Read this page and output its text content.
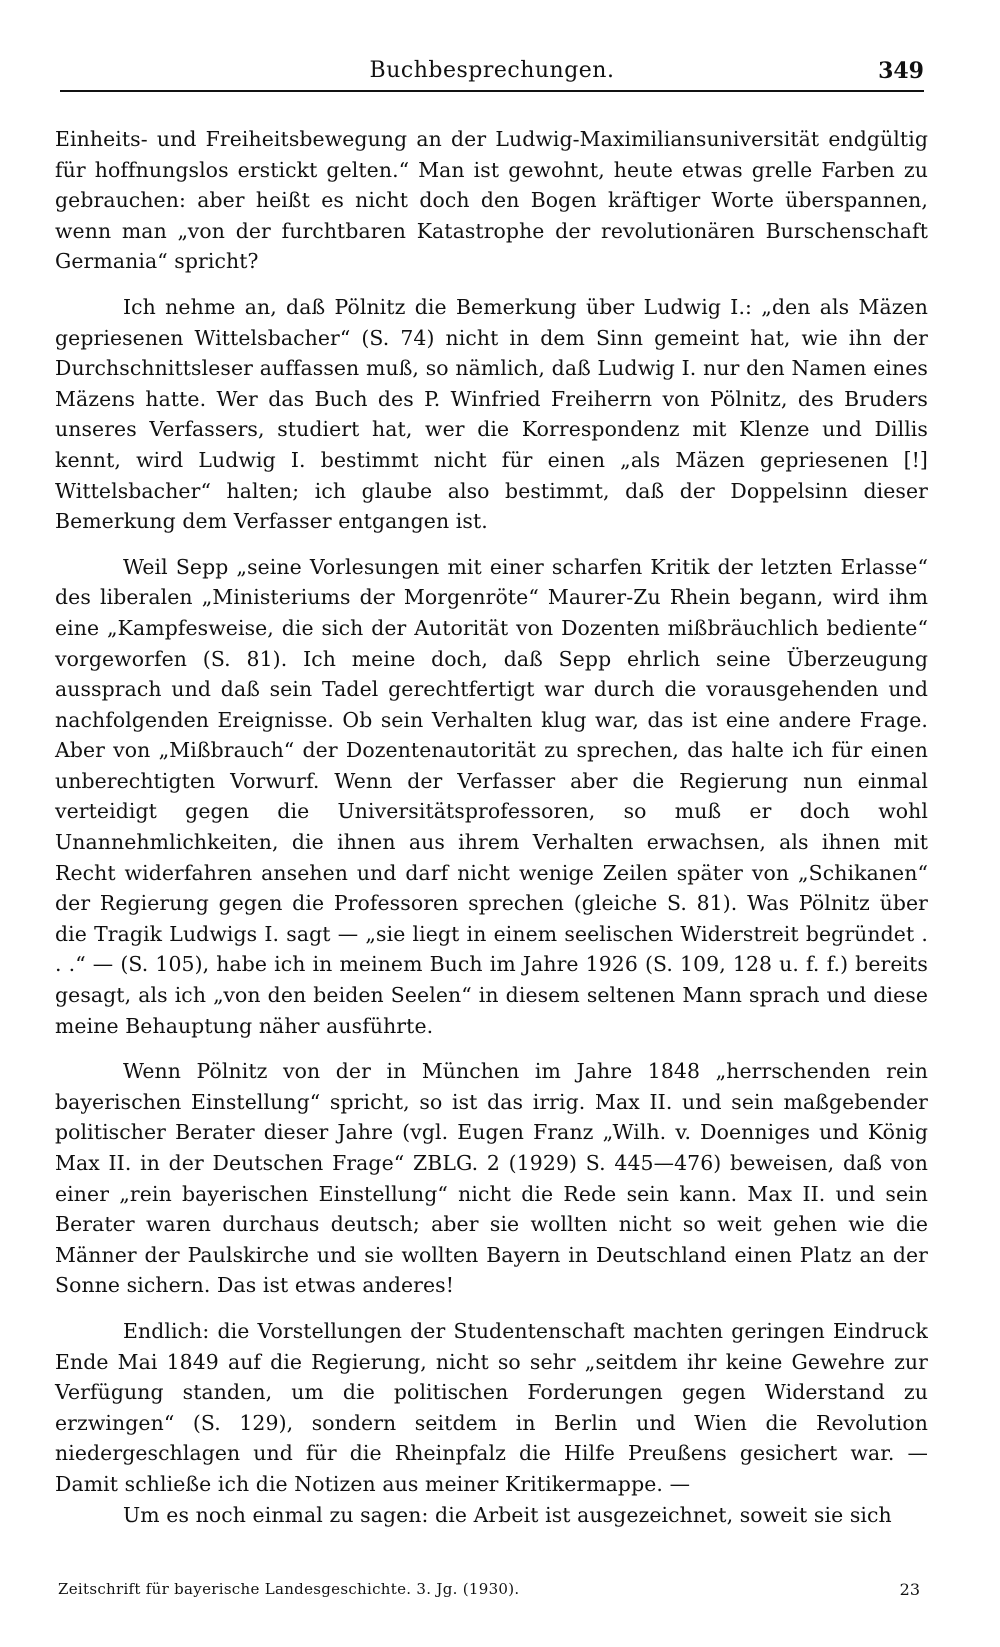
Buchbesprechungen.	349

Einheits- und Freiheitsbewegung an der Ludwig-Maximiliansuniversität endgültig für hoffnungslos erstickt gelten.“ Man ist gewohnt, heute etwas grelle Farben zu gebrauchen: aber heißt es nicht doch den Bogen kräftiger Worte überspannen, wenn man „von der furchtbaren Katastrophe der revolutionären Burschenschaft Germania“ spricht?

Ich nehme an, daß Pölnitz die Bemerkung über Ludwig I.: „den als Mäzen gepriesenen Wittelsbacher“ (S. 74) nicht in dem Sinn gemeint hat, wie ihn der Durchschnittsleser auffassen muß, so nämlich, daß Ludwig I. nur den Namen eines Mäzens hatte. Wer das Buch des P. Winfried Freiherrn von Pölnitz, des Bruders unseres Verfassers, studiert hat, wer die Korrespondenz mit Klenze und Dillis kennt, wird Ludwig I. bestimmt nicht für einen „als Mäzen gepriesenen [!] Wittelsbacher“ halten; ich glaube also bestimmt, daß der Doppelsinn dieser Bemerkung dem Verfasser entgangen ist.

Weil Sepp „seine Vorlesungen mit einer scharfen Kritik der letzten Erlasse“ des liberalen „Ministeriums der Morgenröte“ Maurer-Zu Rhein begann, wird ihm eine „Kampfesweise, die sich der Autorität von Dozenten mißbräuchlich bediente“ vorgeworfen (S. 81). Ich meine doch, daß Sepp ehrlich seine Überzeugung aussprach und daß sein Tadel gerechtfertigt war durch die vorausgehenden und nachfolgenden Ereignisse. Ob sein Verhalten klug war, das ist eine andere Frage. Aber von „Mißbrauch“ der Dozentenautorität zu sprechen, das halte ich für einen unberechtigten Vorwurf. Wenn der Verfasser aber die Regierung nun einmal verteidigt gegen die Universitätsprofessoren, so muß er doch wohl Unannehmlichkeiten, die ihnen aus ihrem Verhalten erwachsen, als ihnen mit Recht widerfahren ansehen und darf nicht wenige Zeilen später von „Schikanen“ der Regierung gegen die Professoren sprechen (gleiche S. 81). Was Pölnitz über die Tragik Ludwigs I. sagt — „sie liegt in einem seelischen Widerstreit begründet . . .“ — (S. 105), habe ich in meinem Buch im Jahre 1926 (S. 109, 128 u. f. f.) bereits gesagt, als ich „von den beiden Seelen“ in diesem seltenen Mann sprach und diese meine Behauptung näher ausführte.

Wenn Pölnitz von der in München im Jahre 1848 „herrschenden rein bayerischen Einstellung“ spricht, so ist das irrig. Max II. und sein maßgebender politischer Berater dieser Jahre (vgl. Eugen Franz „Wilh. v. Doenniges und König Max II. in der Deutschen Frage“ ZBLG. 2 (1929) S. 445—476) beweisen, daß von einer „rein bayerischen Einstellung“ nicht die Rede sein kann. Max II. und sein Berater waren durchaus deutsch; aber sie wollten nicht so weit gehen wie die Männer der Paulskirche und sie wollten Bayern in Deutschland einen Platz an der Sonne sichern. Das ist etwas anderes!

Endlich: die Vorstellungen der Studentenschaft machten geringen Eindruck Ende Mai 1849 auf die Regierung, nicht so sehr „seitdem ihr keine Gewehre zur Verfügung standen, um die politischen Forderungen gegen Widerstand zu erzwingen“ (S. 129), sondern seitdem in Berlin und Wien die Revolution niedergeschlagen und für die Rheinpfalz die Hilfe Preußens gesichert war. — Damit schließe ich die Notizen aus meiner Kritikermappe. —

Um es noch einmal zu sagen: die Arbeit ist ausgezeichnet, soweit sie sich

Zeitschrift für bayerische Landesgeschichte. 3. Jg. (1930).	23
